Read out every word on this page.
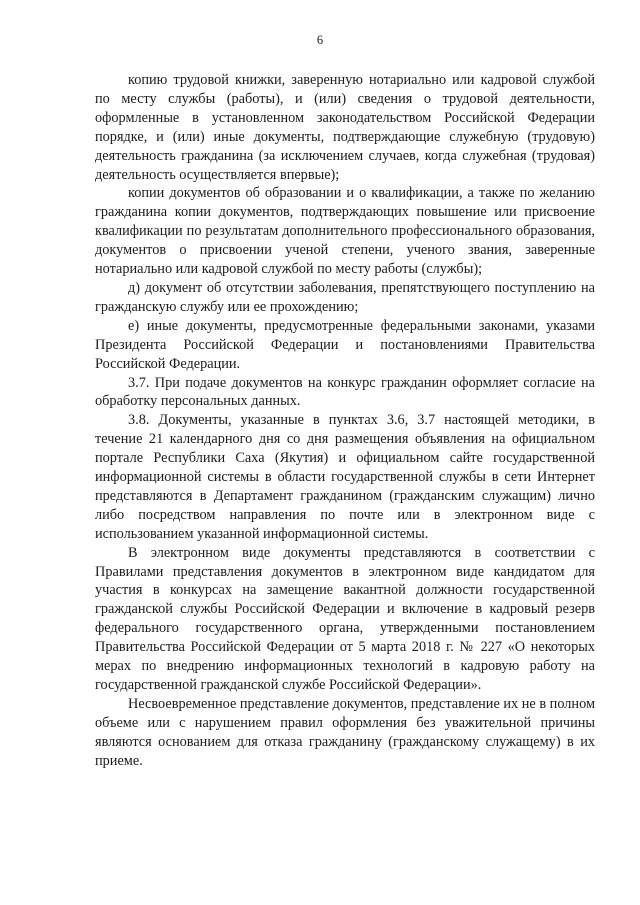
6

копию трудовой книжки, заверенную нотариально или кадровой службой по месту службы (работы), и (или) сведения о трудовой деятельности, оформленные в установленном законодательством Российской Федерации порядке, и (или) иные документы, подтверждающие служебную (трудовую) деятельность гражданина (за исключением случаев, когда служебная (трудовая) деятельность осуществляется впервые);

копии документов об образовании и о квалификации, а также по желанию гражданина копии документов, подтверждающих повышение или присвоение квалификации по результатам дополнительного профессионального образования, документов о присвоении ученой степени, ученого звания, заверенные нотариально или кадровой службой по месту работы (службы);

д) документ об отсутствии заболевания, препятствующего поступлению на гражданскую службу или ее прохождению;

е) иные документы, предусмотренные федеральными законами, указами Президента Российской Федерации и постановлениями Правительства Российской Федерации.

3.7. При подаче документов на конкурс гражданин оформляет согласие на обработку персональных данных.

3.8. Документы, указанные в пунктах 3.6, 3.7 настоящей методики, в течение 21 календарного дня со дня размещения объявления на официальном портале Республики Саха (Якутия) и официальном сайте государственной информационной системы в области государственной службы в сети Интернет представляются в Департамент гражданином (гражданским служащим) лично либо посредством направления по почте или в электронном виде с использованием указанной информационной системы.

В электронном виде документы представляются в соответствии с Правилами представления документов в электронном виде кандидатом для участия в конкурсах на замещение вакантной должности государственной гражданской службы Российской Федерации и включение в кадровый резерв федерального государственного органа, утвержденными постановлением Правительства Российской Федерации от 5 марта 2018 г. № 227 «О некоторых мерах по внедрению информационных технологий в кадровую работу на государственной гражданской службе Российской Федерации».

Несвоевременное представление документов, представление их не в полном объеме или с нарушением правил оформления без уважительной причины являются основанием для отказа гражданину (гражданскому служащему) в их приеме.
